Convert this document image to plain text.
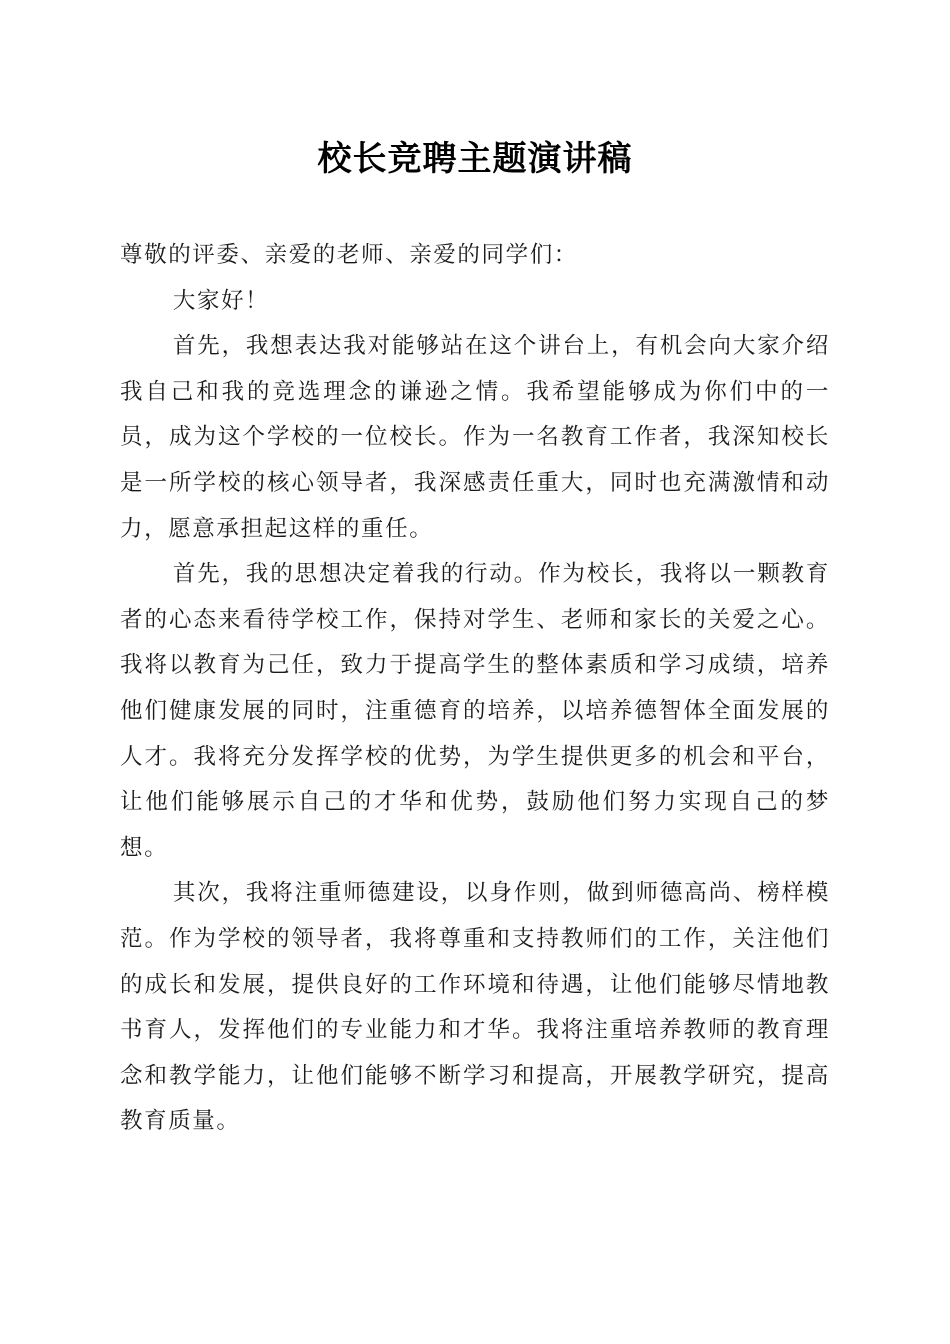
校长竞聘主题演讲稿

尊敬的评委、亲爱的老师、亲爱的同学们：

大家好！

首先，我想表达我对能够站在这个讲台上，有机会向大家介绍我自己和我的竞选理念的谦逊之情。我希望能够成为你们中的一员，成为这个学校的一位校长。作为一名教育工作者，我深知校长是一所学校的核心领导者，我深感责任重大，同时也充满激情和动力，愿意承担起这样的重任。

首先，我的思想决定着我的行动。作为校长，我将以一颗教育者的心态来看待学校工作，保持对学生、老师和家长的关爱之心。我将以教育为己任，致力于提高学生的整体素质和学习成绩，培养他们健康发展的同时，注重德育的培养，以培养德智体全面发展的人才。我将充分发挥学校的优势，为学生提供更多的机会和平台，让他们能够展示自己的才华和优势，鼓励他们努力实现自己的梦想。

其次，我将注重师德建设，以身作则，做到师德高尚、榜样模范。作为学校的领导者，我将尊重和支持教师们的工作，关注他们的成长和发展，提供良好的工作环境和待遇，让他们能够尽情地教书育人，发挥他们的专业能力和才华。我将注重培养教师的教育理念和教学能力，让他们能够不断学习和提高，开展教学研究，提高教育质量。
